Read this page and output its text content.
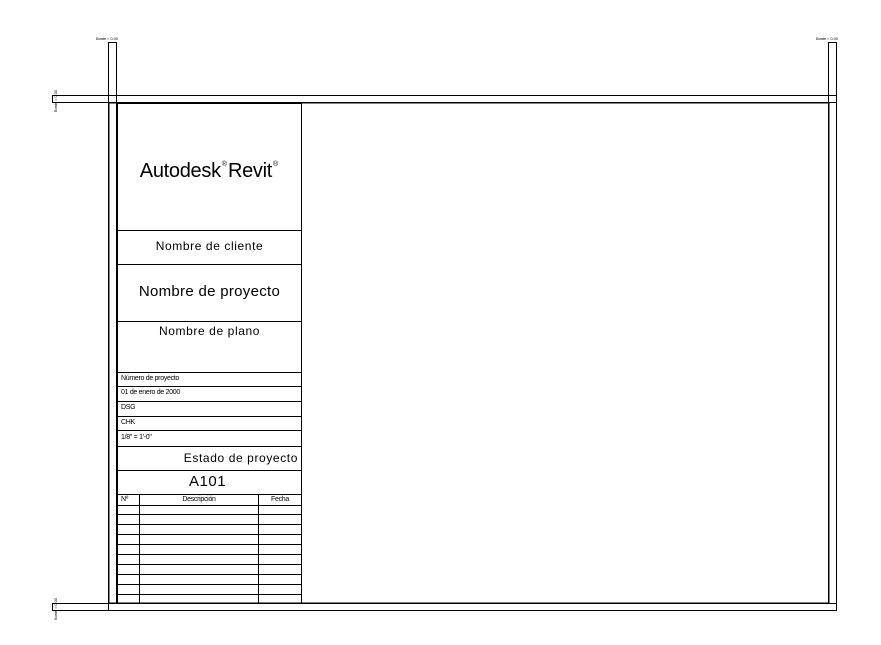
Borde = 0.00	Borde = 0.00
Borde = 0.00
Borde = 0.00
Autodesk®Revit®
Nombre de cliente
Nombre de proyecto
Nombre de plano
Número de proyecto
01 de enero de 2000
DSG
CHK
1/8" = 1'-0"
Estado de proyecto
A101
Nº	Descripción	Fecha
